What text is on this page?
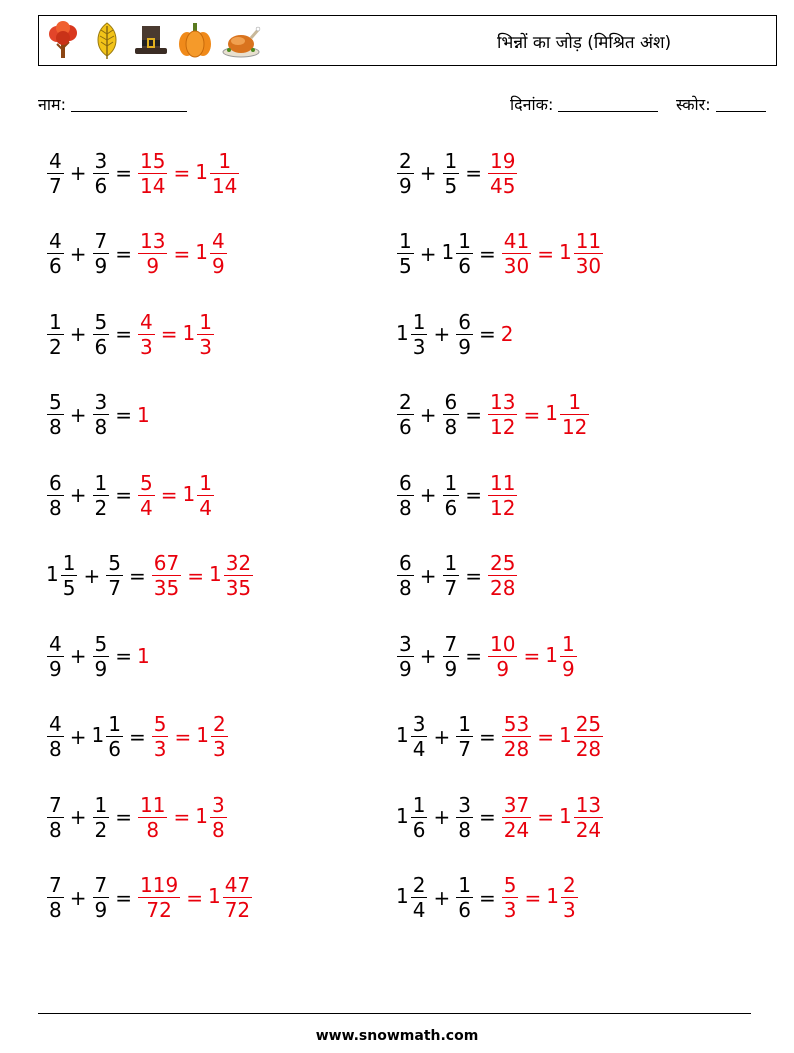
भिन्नों का जोड़ (मिश्रित अंश)
नाम:	दिनांक:	स्कोर:
$\frac{4}{7} + \frac{3}{6} = \frac{15}{14} = 1 \frac{1}{14}$	$\frac{2}{9} + \frac{1}{5} = \frac{19}{45}$
$\frac{4}{6} + \frac{7}{9} = \frac{13}{9} = 1 \frac{4}{9}$	$\frac{1}{5} + 1 \frac{1}{6} = \frac{41}{30} = 1 \frac{11}{30}$
$\frac{1}{2} + \frac{5}{6} = \frac{4}{3} = 1 \frac{1}{3}$	$1 \frac{1}{3} + \frac{6}{9} = 2$
$\frac{5}{8} + \frac{3}{8} = 1$	$\frac{2}{6} + \frac{6}{8} = \frac{13}{12} = 1 \frac{1}{12}$
$\frac{6}{8} + \frac{1}{2} = \frac{5}{4} = 1 \frac{1}{4}$	$\frac{6}{8} + \frac{1}{6} = \frac{11}{12}$
$1 \frac{1}{5} + \frac{5}{7} = \frac{67}{35} = 1 \frac{32}{35}$	$\frac{6}{8} + \frac{1}{7} = \frac{25}{28}$
$\frac{4}{9} + \frac{5}{9} = 1$	$\frac{3}{9} + \frac{7}{9} = \frac{10}{9} = 1 \frac{1}{9}$
$\frac{4}{8} + 1 \frac{1}{6} = \frac{5}{3} = 1 \frac{2}{3}$	$1 \frac{3}{4} + \frac{1}{7} = \frac{53}{28} = 1 \frac{25}{28}$
$\frac{7}{8} + \frac{1}{2} = \frac{11}{8} = 1 \frac{3}{8}$	$1 \frac{1}{6} + \frac{3}{8} = \frac{37}{24} = 1 \frac{13}{24}$
$\frac{7}{8} + \frac{7}{9} = \frac{119}{72} = 1 \frac{47}{72}$	$1 \frac{2}{4} + \frac{1}{6} = \frac{5}{3} = 1 \frac{2}{3}$
www.snowmath.com
